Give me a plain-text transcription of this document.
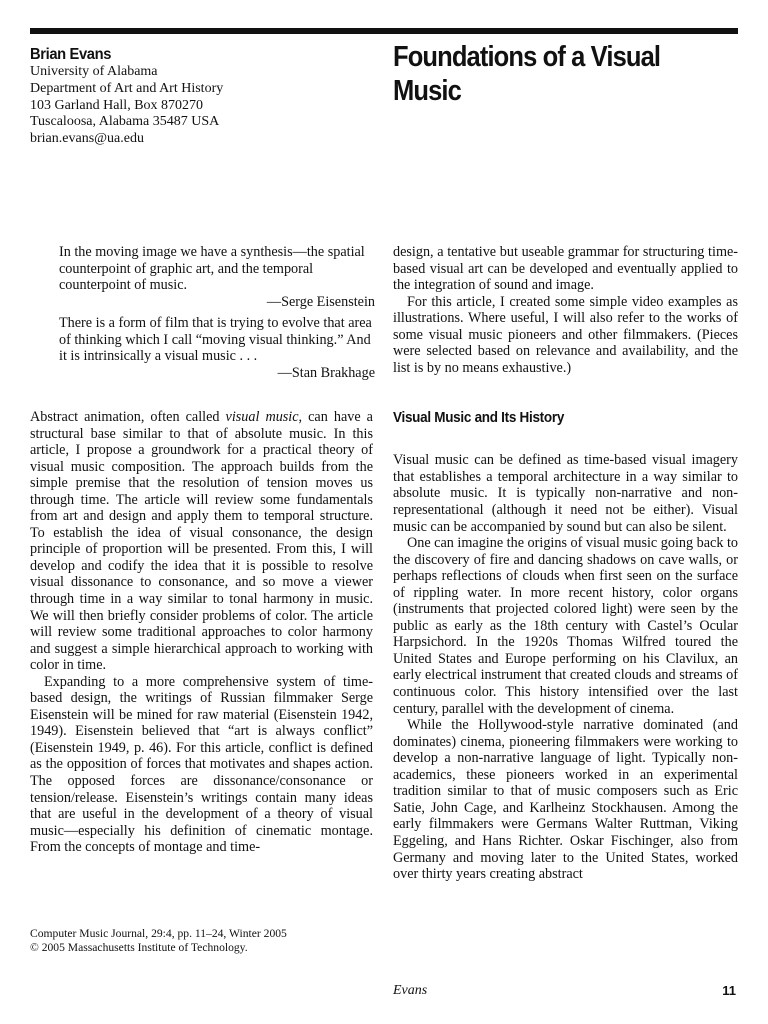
Brian Evans
University of Alabama
Department of Art and Art History
103 Garland Hall, Box 870270
Tuscaloosa, Alabama 35487 USA
brian.evans@ua.edu
Foundations of a Visual Music

In the moving image we have a synthesis—the spatial counterpoint of graphic art, and the temporal counterpoint of music.

—Serge Eisenstein

There is a form of film that is trying to evolve that area of thinking which I call “moving visual thinking.” And it is intrinsically a visual music . . .

—Stan Brakhage

Abstract animation, often called visual music, can have a structural base similar to that of absolute music. In this article, I propose a groundwork for a practical theory of visual music composition. The approach builds from the simple premise that the resolution of tension moves us through time. The article will review some fundamentals from art and design and apply them to temporal structure. To establish the idea of visual consonance, the design principle of proportion will be presented. From this, I will develop and codify the idea that it is possible to resolve visual dissonance to consonance, and so move a viewer through time in a way similar to tonal harmony in music. We will then briefly consider problems of color. The article will review some traditional approaches to color harmony and suggest a simple hierarchical approach to working with color in time.

Expanding to a more comprehensive system of time-based design, the writings of Russian filmmaker Serge Eisenstein will be mined for raw material (Eisenstein 1942, 1949). Eisenstein believed that “art is always conflict” (Eisenstein 1949, p. 46). For this article, conflict is defined as the opposition of forces that motivates and shapes action. The opposed forces are dissonance/consonance or tension/release. Eisenstein’s writings contain many ideas that are useful in the development of a theory of visual music—especially his definition of cinematic montage. From the concepts of montage and time-

design, a tentative but useable grammar for structuring time-based visual art can be developed and eventually applied to the integration of sound and image.

For this article, I created some simple video examples as illustrations. Where useful, I will also refer to the works of some visual music pioneers and other filmmakers. (Pieces were selected based on relevance and availability, and the list is by no means exhaustive.)

Visual Music and Its History

Visual music can be defined as time-based visual imagery that establishes a temporal architecture in a way similar to absolute music. It is typically non-narrative and non-representational (although it need not be either). Visual music can be accompanied by sound but can also be silent.

One can imagine the origins of visual music going back to the discovery of fire and dancing shadows on cave walls, or perhaps reflections of clouds when first seen on the surface of rippling water. In more recent history, color organs (instruments that projected colored light) were seen by the public as early as the 18th century with Castel’s Ocular Harpsichord. In the 1920s Thomas Wilfred toured the United States and Europe performing on his Clavilux, an early electrical instrument that created clouds and streams of continuous color. This history intensified over the last century, parallel with the development of cinema.

While the Hollywood-style narrative dominated (and dominates) cinema, pioneering filmmakers were working to develop a non-narrative language of light. Typically non-academics, these pioneers worked in an experimental tradition similar to that of music composers such as Eric Satie, John Cage, and Karlheinz Stockhausen. Among the early filmmakers were Germans Walter Ruttman, Viking Eggeling, and Hans Richter. Oskar Fischinger, also from Germany and moving later to the United States, worked over thirty years creating abstract

Computer Music Journal, 29:4, pp. 11–24, Winter 2005
© 2005 Massachusetts Institute of Technology.
Evans	11
